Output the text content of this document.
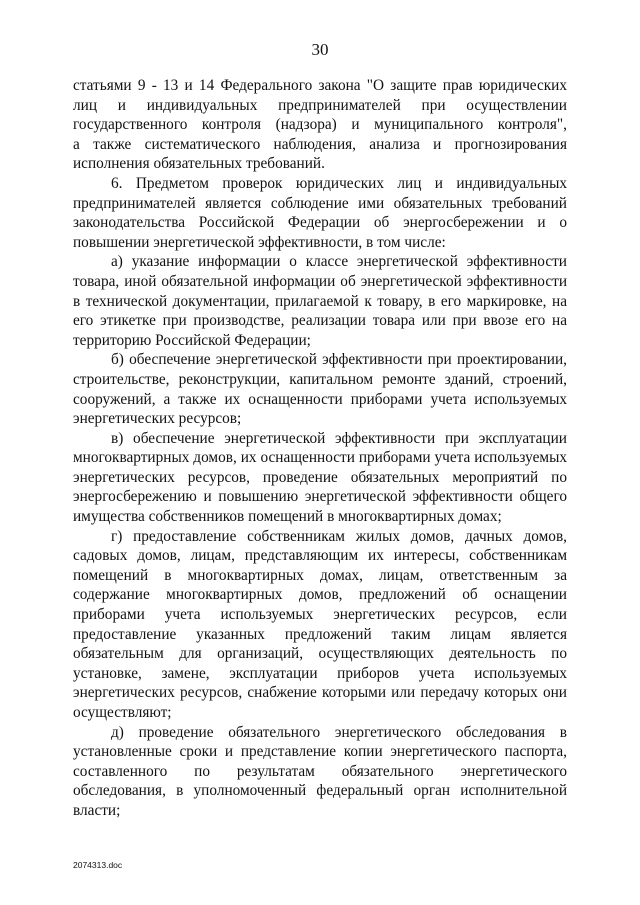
30
статьями 9 - 13 и 14 Федерального закона "О защите прав юридических
лиц и индивидуальных предпринимателей при осуществлении
государственного контроля (надзора) и муниципального контроля",
а также систематического наблюдения, анализа и прогнозирования
исполнения обязательных требований.
6. Предметом проверок юридических лиц и индивидуальных
предпринимателей является соблюдение ими обязательных требований
законодательства Российской Федерации об энергосбережении и о
повышении энергетической эффективности, в том числе:
а) указание информации о классе энергетической эффективности
товара, иной обязательной информации об энергетической эффективности
в технической документации, прилагаемой к товару, в его маркировке, на
его этикетке при производстве, реализации товара или при ввозе его на
территорию Российской Федерации;
б) обеспечение энергетической эффективности при проектировании,
строительстве, реконструкции, капитальном ремонте зданий, строений,
сооружений, а также их оснащенности приборами учета используемых
энергетических ресурсов;
в) обеспечение энергетической эффективности при эксплуатации
многоквартирных домов, их оснащенности приборами учета используемых
энергетических ресурсов, проведение обязательных мероприятий по
энергосбережению и повышению энергетической эффективности общего
имущества собственников помещений в многоквартирных домах;
г) предоставление собственникам жилых домов, дачных домов,
садовых домов, лицам, представляющим их интересы, собственникам
помещений в многоквартирных домах, лицам, ответственным за
содержание многоквартирных домов, предложений об оснащении
приборами учета используемых энергетических ресурсов, если
предоставление указанных предложений таким лицам является
обязательным для организаций, осуществляющих деятельность по
установке, замене, эксплуатации приборов учета используемых
энергетических ресурсов, снабжение которыми или передачу которых они
осуществляют;
д) проведение обязательного энергетического обследования в
установленные сроки и представление копии энергетического паспорта,
составленного по результатам обязательного энергетического
обследования, в уполномоченный федеральный орган исполнительной
власти;
2074313.doc
